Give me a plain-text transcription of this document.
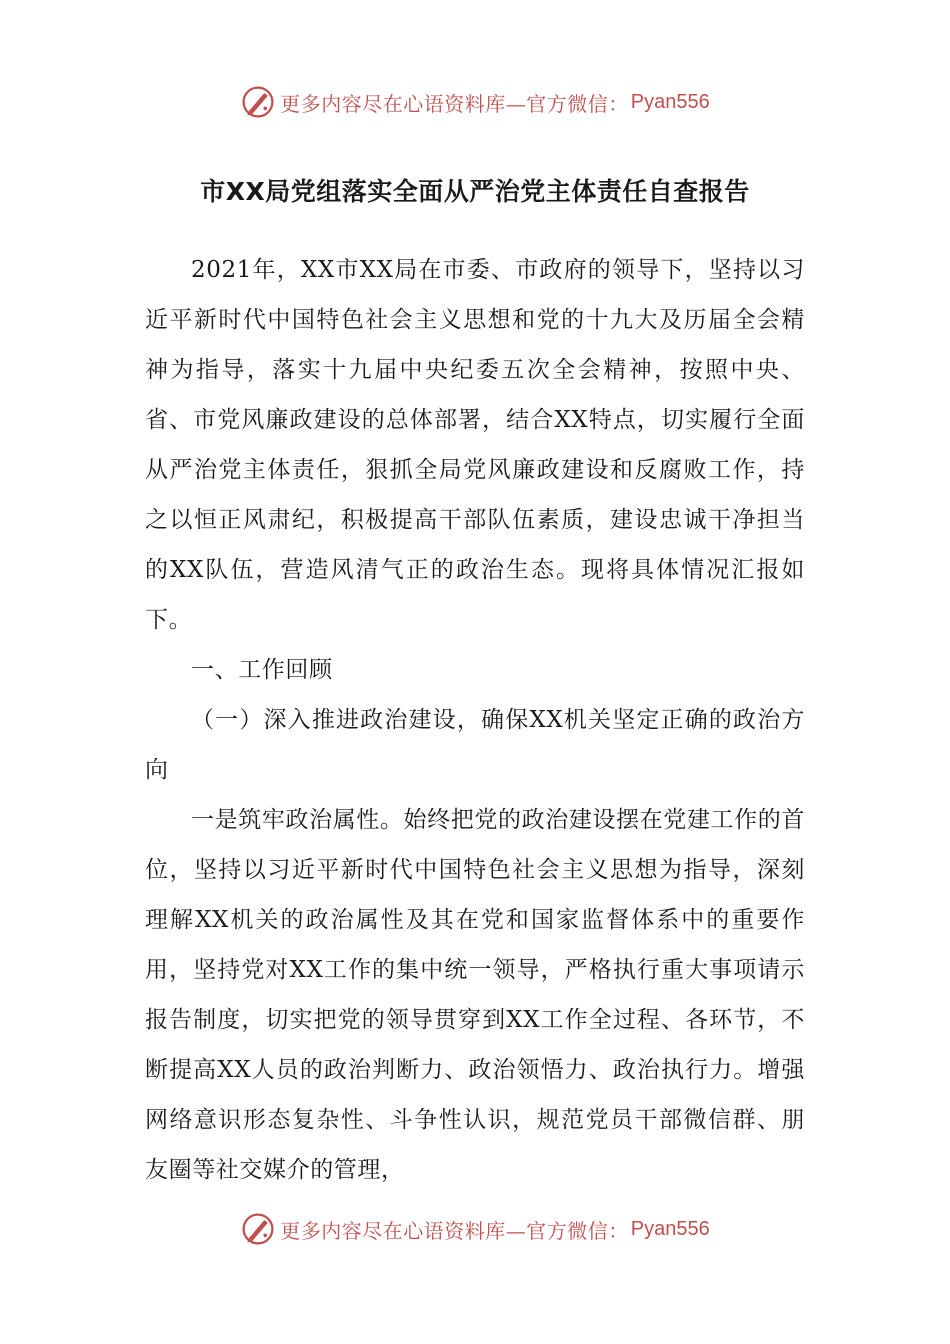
更多内容尽在心语资料库—官方微信： Pyan556
市XX局党组落实全面从严治党主体责任自查报告

2021年，XX市XX局在市委、市政府的领导下，坚持以习近平新时代中国特色社会主义思想和党的十九大及历届全会精神为指导，落实十九届中央纪委五次全会精神，按照中央、省、市党风廉政建设的总体部署，结合XX特点，切实履行全面从严治党主体责任，狠抓全局党风廉政建设和反腐败工作，持之以恒正风肃纪，积极提高干部队伍素质，建设忠诚干净担当的XX队伍，营造风清气正的政治生态。现将具体情况汇报如下。

一、工作回顾

（一）深入推进政治建设，确保XX机关坚定正确的政治方向

一是筑牢政治属性。始终把党的政治建设摆在党建工作的首位，坚持以习近平新时代中国特色社会主义思想为指导，深刻理解XX机关的政治属性及其在党和国家监督体系中的重要作用，坚持党对XX工作的集中统一领导，严格执行重大事项请示报告制度，切实把党的领导贯穿到XX工作全过程、各环节，不断提高XX人员的政治判断力、政治领悟力、政治执行力。增强网络意识形态复杂性、斗争性认识，规范党员干部微信群、朋友圈等社交媒介的管理，

更多内容尽在心语资料库—官方微信： Pyan556
